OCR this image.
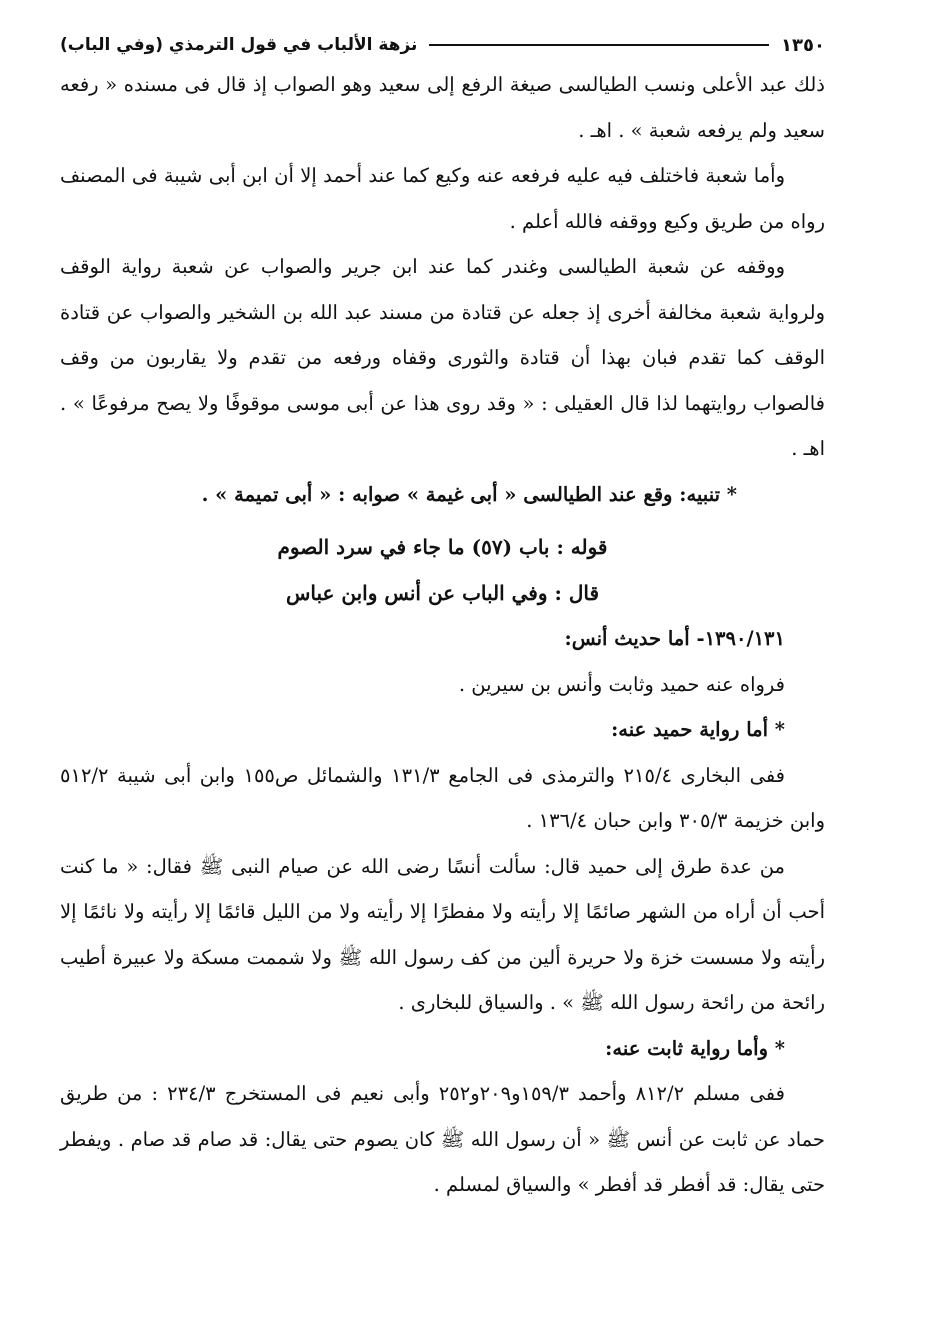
١٣٥٠
نزهة الألباب في قول الترمذي (وفي الباب)

ذلك عبد الأعلى ونسب الطيالسى صيغة الرفع إلى سعيد وهو الصواب إذ قال فى مسنده « رفعه سعيد ولم يرفعه شعبة » . اهـ .

وأما شعبة فاختلف فيه عليه فرفعه عنه وكيع كما عند أحمد إلا أن ابن أبى شيبة فى المصنف رواه من طريق وكيع ووقفه فالله أعلم .

ووقفه عن شعبة الطيالسى وغندر كما عند ابن جرير والصواب عن شعبة رواية الوقف ولرواية شعبة مخالفة أخرى إذ جعله عن قتادة من مسند عبد الله بن الشخير والصواب عن قتادة الوقف كما تقدم فبان بهذا أن قتادة والثورى وقفاه ورفعه من تقدم ولا يقاربون من وقف فالصواب روايتهما لذا قال العقيلى : « وقد روى هذا عن أبى موسى موقوفًا ولا يصح مرفوعًا » . اهـ .

* تنبيه: وقع عند الطيالسى « أبى غيمة » صوابه : « أبى تميمة » .

قوله : باب (٥٧) ما جاء في سرد الصوم

قال : وفي الباب عن أنس وابن عباس

١٣٩٠/١٣١- أما حديث أنس:

فرواه عنه حميد وثابت وأنس بن سيرين .

* أما رواية حميد عنه:

ففى البخارى ٢١٥/٤ والترمذى فى الجامع ١٣١/٣ والشمائل ص١٥٥ وابن أبى شيبة ٥١٢/٢ وابن خزيمة ٣٠٥/٣ وابن حبان ١٣٦/٤ .

من عدة طرق إلى حميد قال: سألت أنسًا رضى الله عن صيام النبى ﷺ فقال: « ما كنت أحب أن أراه من الشهر صائمًا إلا رأيته ولا مفطرًا إلا رأيته ولا من الليل قائمًا إلا رأيته ولا نائمًا إلا رأيته ولا مسست خزة ولا حريرة ألين من كف رسول الله ﷺ ولا شممت مسكة ولا عبيرة أطيب رائحة من رائحة رسول الله ﷺ » . والسياق للبخارى .

* وأما رواية ثابت عنه:

ففى مسلم ٨١٢/٢ وأحمد ١٥٩/٣و٢٠٩و٢٥٢ وأبى نعيم فى المستخرج ٢٣٤/٣ : من طريق حماد عن ثابت عن أنس ﷺ « أن رسول الله ﷺ كان يصوم حتى يقال: قد صام قد صام . ويفطر حتى يقال: قد أفطر قد أفطر » والسياق لمسلم .
